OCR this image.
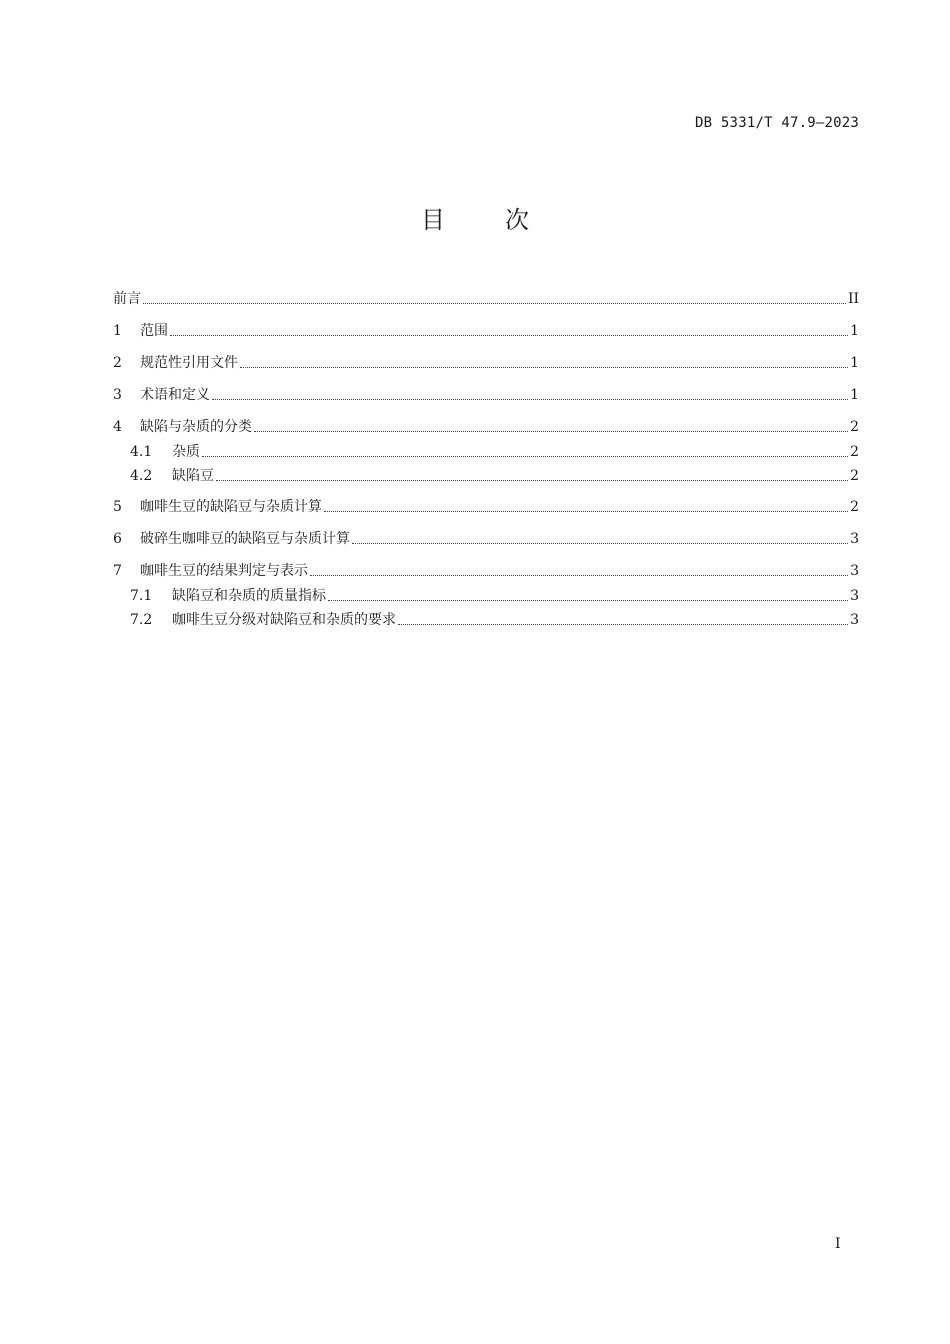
DB 5331/T 47.9—2023
目	次
前言	II
1	范围	1
2	规范性引用文件	1
3	术语和定义	1
4	缺陷与杂质的分类	2
4.1	杂质	2
4.2	缺陷豆	2
5	咖啡生豆的缺陷豆与杂质计算	2
6	破碎生咖啡豆的缺陷豆与杂质计算	3
7	咖啡生豆的结果判定与表示	3
7.1	缺陷豆和杂质的质量指标	3
7.2	咖啡生豆分级对缺陷豆和杂质的要求	3
I
